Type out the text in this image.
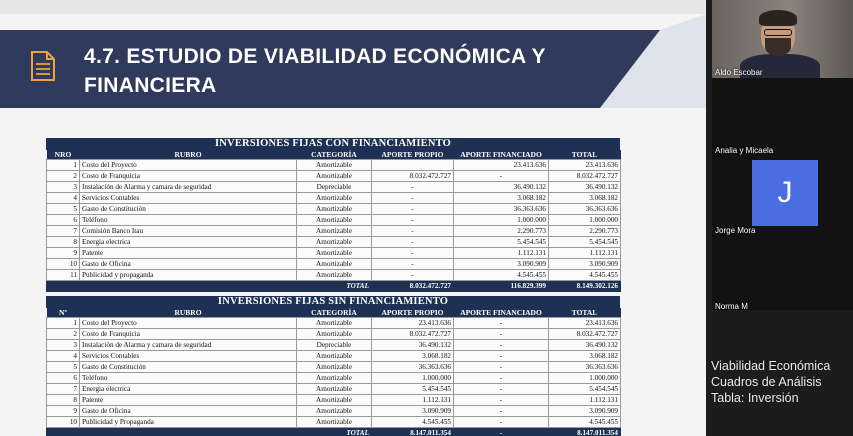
4.7. ESTUDIO DE VIABILIDAD ECONÓMICA Y FINANCIERA
INVERSIONES FIJAS CON FINANCIAMIENTO
NRO	RUBRO	CATEGORÍA	APORTE PROPIO	APORTE FINANCIADO	TOTAL
1	Costo del Proyecto	Amortizable		23.413.636	23.413.636
2	Costo de Franquicia	Amortizable	8.032.472.727	-	8.032.472.727
3	Instalación de Alarma y camara de seguridad	Depreciable	-	36.490.132	36.490.132
4	Servicios Contables	Amortizable	-	3.068.182	3.068.182
5	Gasto de Constitución	Amortizable	-	36.363.636	36.363.636
6	Teléfono	Amortizable	-	1.000.000	1.000.000
7	Comisión Banco Itau	Amortizable	-	2.290.773	2.290.773
8	Energia electrica	Amortizable	-	5.454.545	5.454.545
9	Patente	Amortizable	-	1.112.131	1.112.131
10	Gasto de Oficina	Amortizable	-	3.090.909	3.090.909
11	Publicidad y propaganda	Amortizable	-	4.545.455	4.545.455
		TOTAL	8.032.472.727	116.829.399	8.149.302.126
INVERSIONES FIJAS SIN FINANCIAMIENTO
Nº	RUBRO	CATEGORÍA	APORTE PROPIO	APORTE FINANCIADO	TOTAL
1	Costo del Proyecto	Amortizable	23.413.636	-	23.413.636
2	Costo de Franquicia	Amortizable	8.032.472.727	-	8.032.472.727
3	Instalación de Alarma y camara de seguridad	Depreciable	36.490.132	-	36.490.132
4	Servicios Contables	Amortizable	3.068.182	-	3.068.182
5	Gasto de Constitución	Amortizable	36.363.636	-	36.363.636
6	Teléfono	Amortizable	1.000.000	-	1.000.000
7	Energia electrica	Amortizable	5.454.545	-	5.454.545
8	Patente	Amortizable	1.112.131	-	1.112.131
9	Gasto de Oficina	Amortizable	3.090.909	-	3.090.909
10	Publicidad y Propaganda	Amortizable	4.545.455	-	4.545.455
		TOTAL	8.147.011.354	-	8.147.011.354
Aldo Escobar
Analia y Micaela
J
Jorge Mora
Norma M
Viabilidad Económica
Cuadros de Análisis
Tabla: Inversión
